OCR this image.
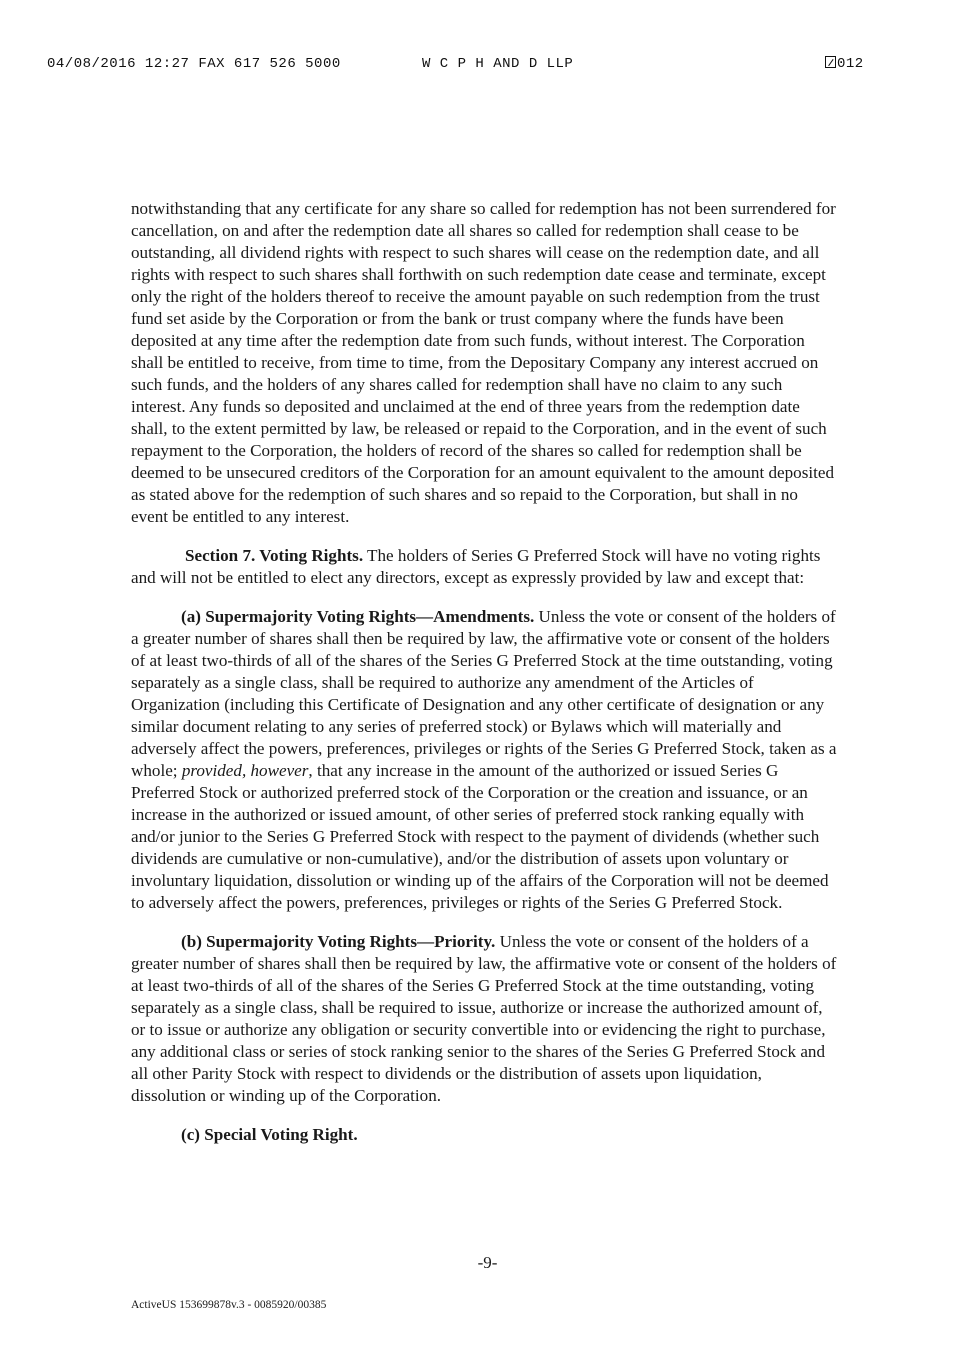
04/08/2016 12:27 FAX 617 526 5000	W C P H AND D LLP	012

notwithstanding that any certificate for any share so called for redemption has not been surrendered for cancellation, on and after the redemption date all shares so called for redemption shall cease to be outstanding, all dividend rights with respect to such shares will cease on the redemption date, and all rights with respect to such shares shall forthwith on such redemption date cease and terminate, except only the right of the holders thereof to receive the amount payable on such redemption from the trust fund set aside by the Corporation or from the bank or trust company where the funds have been deposited at any time after the redemption date from such funds, without interest. The Corporation shall be entitled to receive, from time to time, from the Depositary Company any interest accrued on such funds, and the holders of any shares called for redemption shall have no claim to any such interest. Any funds so deposited and unclaimed at the end of three years from the redemption date shall, to the extent permitted by law, be released or repaid to the Corporation, and in the event of such repayment to the Corporation, the holders of record of the shares so called for redemption shall be deemed to be unsecured creditors of the Corporation for an amount equivalent to the amount deposited as stated above for the redemption of such shares and so repaid to the Corporation, but shall in no event be entitled to any interest.

Section 7. Voting Rights. The holders of Series G Preferred Stock will have no voting rights and will not be entitled to elect any directors, except as expressly provided by law and except that:

(a) Supermajority Voting Rights—Amendments. Unless the vote or consent of the holders of a greater number of shares shall then be required by law, the affirmative vote or consent of the holders of at least two-thirds of all of the shares of the Series G Preferred Stock at the time outstanding, voting separately as a single class, shall be required to authorize any amendment of the Articles of Organization (including this Certificate of Designation and any other certificate of designation or any similar document relating to any series of preferred stock) or Bylaws which will materially and adversely affect the powers, preferences, privileges or rights of the Series G Preferred Stock, taken as a whole; provided, however, that any increase in the amount of the authorized or issued Series G Preferred Stock or authorized preferred stock of the Corporation or the creation and issuance, or an increase in the authorized or issued amount, of other series of preferred stock ranking equally with and/or junior to the Series G Preferred Stock with respect to the payment of dividends (whether such dividends are cumulative or non-cumulative), and/or the distribution of assets upon voluntary or involuntary liquidation, dissolution or winding up of the affairs of the Corporation will not be deemed to adversely affect the powers, preferences, privileges or rights of the Series G Preferred Stock.

(b) Supermajority Voting Rights—Priority. Unless the vote or consent of the holders of a greater number of shares shall then be required by law, the affirmative vote or consent of the holders of at least two-thirds of all of the shares of the Series G Preferred Stock at the time outstanding, voting separately as a single class, shall be required to issue, authorize or increase the authorized amount of, or to issue or authorize any obligation or security convertible into or evidencing the right to purchase, any additional class or series of stock ranking senior to the shares of the Series G Preferred Stock and all other Parity Stock with respect to dividends or the distribution of assets upon liquidation, dissolution or winding up of the Corporation.

(c) Special Voting Right.

-9-
ActiveUS 153699878v.3 - 0085920/00385
